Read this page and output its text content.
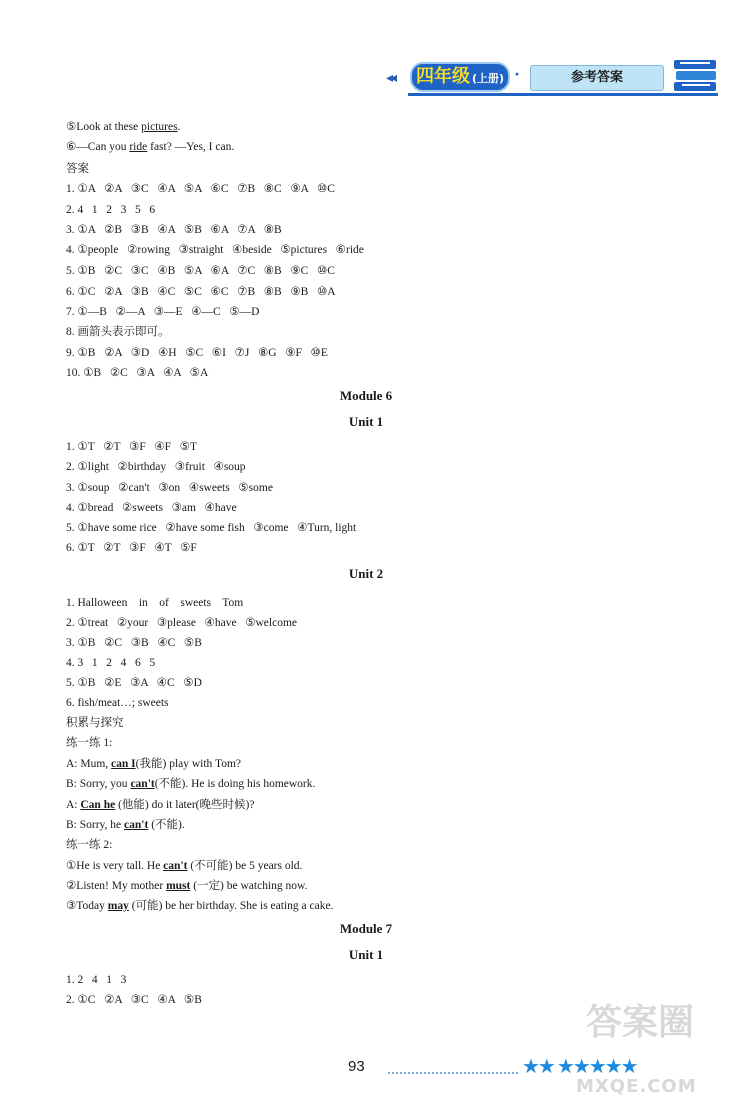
◂◂	四年级 (上册) ·	参考答案
⑤Look at these pictures.
⑥—Can you ride fast? —Yes, I can.
答案
1. ①A   ②A   ③C   ④A   ⑤A   ⑥C   ⑦B   ⑧C   ⑨A   ⑩C
2. 4   1   2   3   5   6
3. ①A   ②B   ③B   ④A   ⑤B   ⑥A   ⑦A   ⑧B
4. ①people   ②rowing   ③straight   ④beside   ⑤pictures   ⑥ride
5. ①B   ②C   ③C   ④B   ⑤A   ⑥A   ⑦C   ⑧B   ⑨C   ⑩C
6. ①C   ②A   ③B   ④C   ⑤C   ⑥C   ⑦B   ⑧B   ⑨B   ⑩A
7. ①—B   ②—A   ③—E   ④—C   ⑤—D
8. 画箭头表示即可。
9. ①B   ②A   ③D   ④H   ⑤C   ⑥I   ⑦J   ⑧G   ⑨F   ⑩E
10. ①B   ②C   ③A   ④A   ⑤A
Module 6
Unit 1
1. ①T   ②T   ③F   ④F   ⑤T
2. ①light   ②birthday   ③fruit   ④soup
3. ①soup   ②can't   ③on   ④sweets   ⑤some
4. ①bread   ②sweets   ③am   ④have
5. ①have some rice   ②have some fish   ③come   ④Turn, light
6. ①T   ②T   ③F   ④T   ⑤F
Unit 2
1. Halloween    in    of    sweets    Tom
2. ①treat   ②your   ③please   ④have   ⑤welcome
3. ①B   ②C   ③B   ④C   ⑤B
4. 3   1   2   4   6   5
5. ①B   ②E   ③A   ④C   ⑤D
6. fish/meat…; sweets
积累与探究
练一练 1:
A: Mum, can I(我能) play with Tom?
B: Sorry, you can't(不能). He is doing his homework.
A: Can he (他能) do it later(晚些时候)?
B: Sorry, he can't (不能).
练一练 2:
①He is very tall. He can't (不可能) be 5 years old.
②Listen! My mother must (一定) be watching now.
③Today may (可能) be her birthday. She is eating a cake.
Module 7
Unit 1
1. 2   4   1   3
2. ①C   ②A   ③C   ④A   ⑤B
答案圈
93	★★ ★★★★★
MXQE.COM
